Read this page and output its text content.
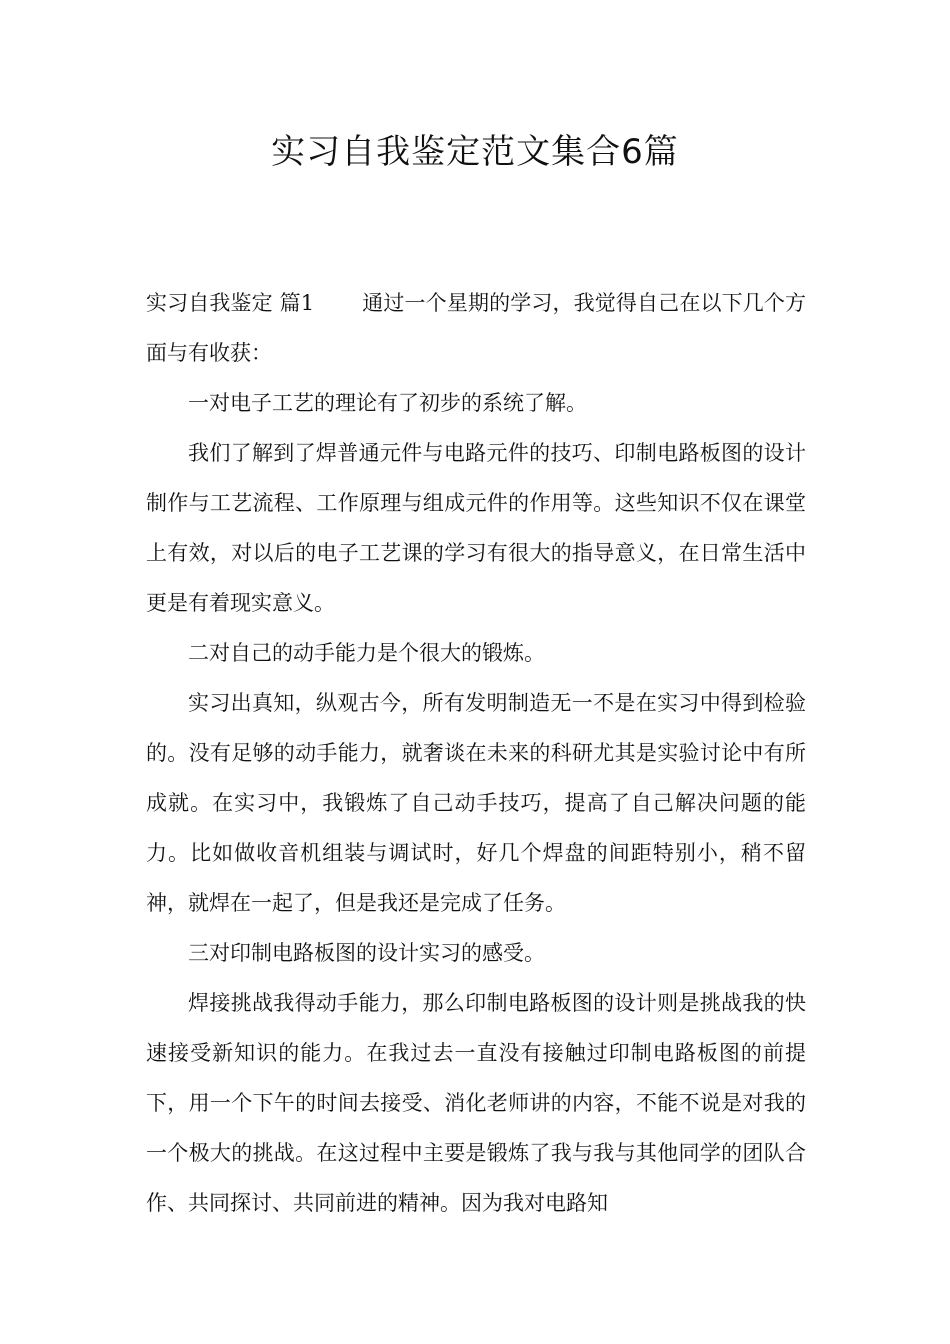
实习自我鉴定范文集合6篇

实习自我鉴定 篇1 通过一个星期的学习，我觉得自己在以下几个方面与有收获：

一对电子工艺的理论有了初步的系统了解。

我们了解到了焊普通元件与电路元件的技巧、印制电路板图的设计制作与工艺流程、工作原理与组成元件的作用等。这些知识不仅在课堂上有效，对以后的电子工艺课的学习有很大的指导意义，在日常生活中更是有着现实意义。

二对自己的动手能力是个很大的锻炼。

实习出真知，纵观古今，所有发明制造无一不是在实习中得到检验的。没有足够的动手能力，就奢谈在未来的科研尤其是实验讨论中有所成就。在实习中，我锻炼了自己动手技巧，提高了自己解决问题的能力。比如做收音机组装与调试时，好几个焊盘的间距特别小，稍不留神，就焊在一起了，但是我还是完成了任务。

三对印制电路板图的设计实习的感受。

焊接挑战我得动手能力，那么印制电路板图的设计则是挑战我的快速接受新知识的能力。在我过去一直没有接触过印制电路板图的前提下，用一个下午的时间去接受、消化老师讲的内容，不能不说是对我的一个极大的挑战。在这过程中主要是锻炼了我与我与其他同学的团队合作、共同探讨、共同前进的精神。因为我对电路知
